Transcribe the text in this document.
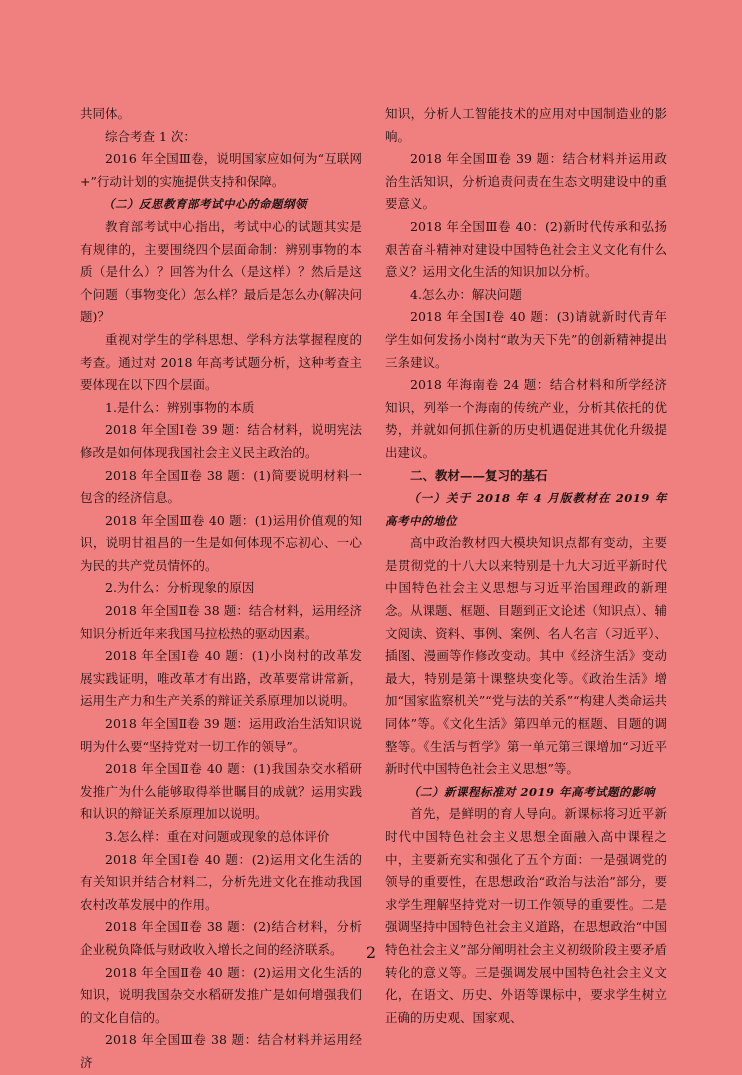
共同体。

综合考查 1 次：

2016 年全国Ⅲ卷，说明国家应如何为“互联网 +”行动计划的实施提供支持和保障。

（二）反思教育部考试中心的命题纲领

教育部考试中心指出，考试中心的试题其实是有规律的，主要围绕四个层面命制：辨别事物的本质（是什么）？回答为什么（是这样）？然后是这个问题（事物变化）怎么样？最后是怎么办(解决问题)？

重视对学生的学科思想、学科方法掌握程度的考查。通过对 2018 年高考试题分析，这种考查主要体现在以下四个层面。

1.是什么：辨别事物的本质

2018 年全国Ⅰ卷 39 题：结合材料，说明宪法修改是如何体现我国社会主义民主政治的。

2018 年全国Ⅱ卷 38 题：(1)简要说明材料一包含的经济信息。

2018 年全国Ⅲ卷 40 题：(1)运用价值观的知识，说明甘祖昌的一生是如何体现不忘初心、一心为民的共产党员情怀的。

2.为什么：分析现象的原因

2018 年全国Ⅱ卷 38 题：结合材料，运用经济知识分析近年来我国马拉松热的驱动因素。

2018 年全国Ⅰ卷 40 题：(1)小岗村的改革发展实践证明，唯改革才有出路，改革要常讲常新，运用生产力和生产关系的辩证关系原理加以说明。

2018 年全国Ⅱ卷 39 题：运用政治生活知识说明为什么要“坚持党对一切工作的领导”。

2018 年全国Ⅱ卷 40 题：(1)我国杂交水稻研发推广为什么能够取得举世瞩目的成就？运用实践和认识的辩证关系原理加以说明。

3.怎么样：重在对问题或现象的总体评价

2018 年全国Ⅰ卷 40 题：(2)运用文化生活的有关知识并结合材料二，分析先进文化在推动我国农村改革发展中的作用。

2018 年全国Ⅱ卷 38 题：(2)结合材料，分析企业税负降低与财政收入增长之间的经济联系。

2018 年全国Ⅱ卷 40 题：(2)运用文化生活的知识，说明我国杂交水稻研发推广是如何增强我们的文化自信的。

2018 年全国Ⅲ卷 38 题：结合材料并运用经济

知识，分析人工智能技术的应用对中国制造业的影响。

2018 年全国Ⅲ卷 39 题：结合材料并运用政治生活知识，分析追责问责在生态文明建设中的重要意义。

2018 年全国Ⅲ卷 40：(2)新时代传承和弘扬艰苦奋斗精神对建设中国特色社会主义文化有什么意义？运用文化生活的知识加以分析。

4.怎么办：解决问题

2018 年全国Ⅰ卷 40 题：(3)请就新时代青年学生如何发扬小岗村“敢为天下先”的创新精神提出三条建议。

2018 年海南卷 24 题：结合材料和所学经济知识，列举一个海南的传统产业，分析其依托的优势，并就如何抓住新的历史机遇促进其优化升级提出建议。

二、教材——复习的基石

（一）关于 2018 年 4 月版教材在 2019 年高考中的地位

高中政治教材四大模块知识点都有变动，主要是贯彻党的十八大以来特别是十九大习近平新时代中国特色社会主义思想与习近平治国理政的新理念。从课题、框题、目题到正文论述（知识点）、辅文阅读、资料、事例、案例、名人名言（习近平）、插图、漫画等作修改变动。其中《经济生活》变动最大，特别是第十课整块变化等。《政治生活》增加“国家监察机关”“党与法的关系”“构建人类命运共同体”等。《文化生活》第四单元的框题、目题的调整等。《生活与哲学》第一单元第三课增加“习近平新时代中国特色社会主义思想”等。

（二）新课程标准对 2019 年高考试题的影响

首先，是鲜明的育人导向。新课标将习近平新时代中国特色社会主义思想全面融入高中课程之中，主要新充实和强化了五个方面：一是强调党的领导的重要性，在思想政治“政治与法治”部分，要求学生理解坚持党对一切工作领导的重要性。二是强调坚持中国特色社会主义道路，在思想政治“中国特色社会主义”部分阐明社会主义初级阶段主要矛盾转化的意义等。三是强调发展中国特色社会主义文化，在语文、历史、外语等课标中，要求学生树立正确的历史观、国家观、

2
